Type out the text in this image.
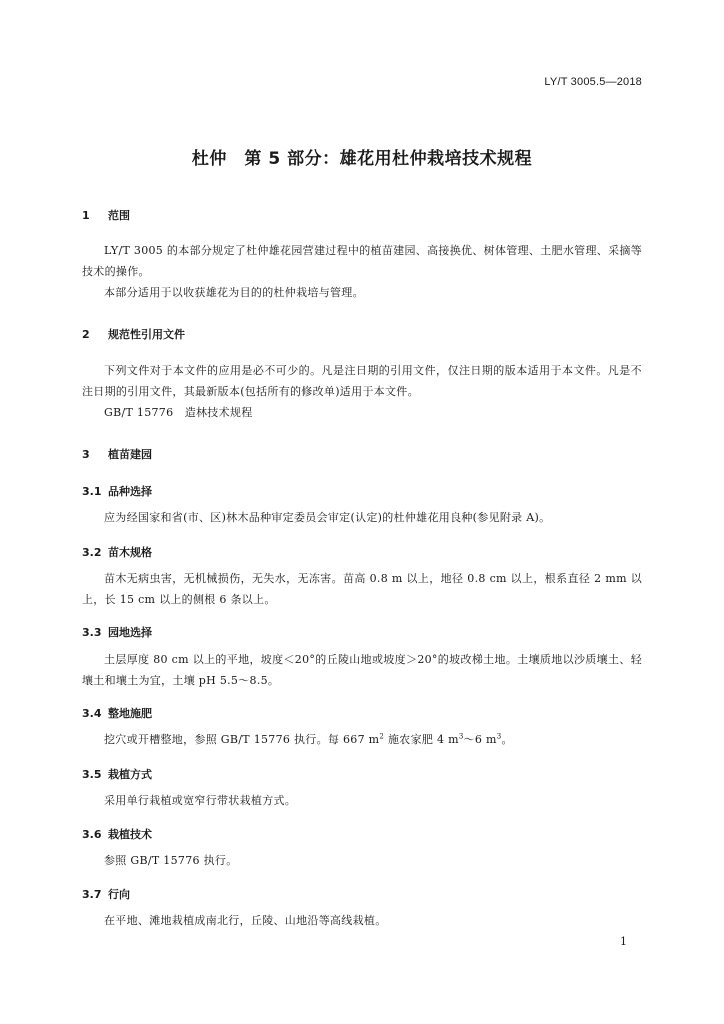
LY/T 3005.5—2018
杜仲　第 5 部分：雄花用杜仲栽培技术规程
1 范围
LY/T 3005 的本部分规定了杜仲雄花园营建过程中的植苗建园、高接换优、树体管理、土肥水管理、采摘等技术的操作。
本部分适用于以收获雄花为目的的杜仲栽培与管理。
2 规范性引用文件
下列文件对于本文件的应用是必不可少的。凡是注日期的引用文件，仅注日期的版本适用于本文件。凡是不注日期的引用文件，其最新版本(包括所有的修改单)适用于本文件。
GB/T 15776　造林技术规程
3 植苗建园
3.1 品种选择
应为经国家和省(市、区)林木品种审定委员会审定(认定)的杜仲雄花用良种(参见附录 A)。
3.2 苗木规格
苗木无病虫害，无机械损伤，无失水，无冻害。苗高 0.8 m 以上，地径 0.8 cm 以上，根系直径 2 mm 以上，长 15 cm 以上的侧根 6 条以上。
3.3 园地选择
土层厚度 80 cm 以上的平地，坡度＜20°的丘陵山地或坡度＞20°的坡改梯土地。土壤质地以沙质壤土、轻壤土和壤土为宜，土壤 pH 5.5～8.5。
3.4 整地施肥
挖穴或开槽整地，参照 GB/T 15776 执行。每 667 $m^2$ 施农家肥 4 $m^3\sim 6$ $m^3$。
3.5 栽植方式
采用单行栽植或宽窄行带状栽植方式。
3.6 栽植技术
参照 GB/T 15776 执行。
3.7 行向
在平地、滩地栽植成南北行，丘陵、山地沿等高线栽植。
1
